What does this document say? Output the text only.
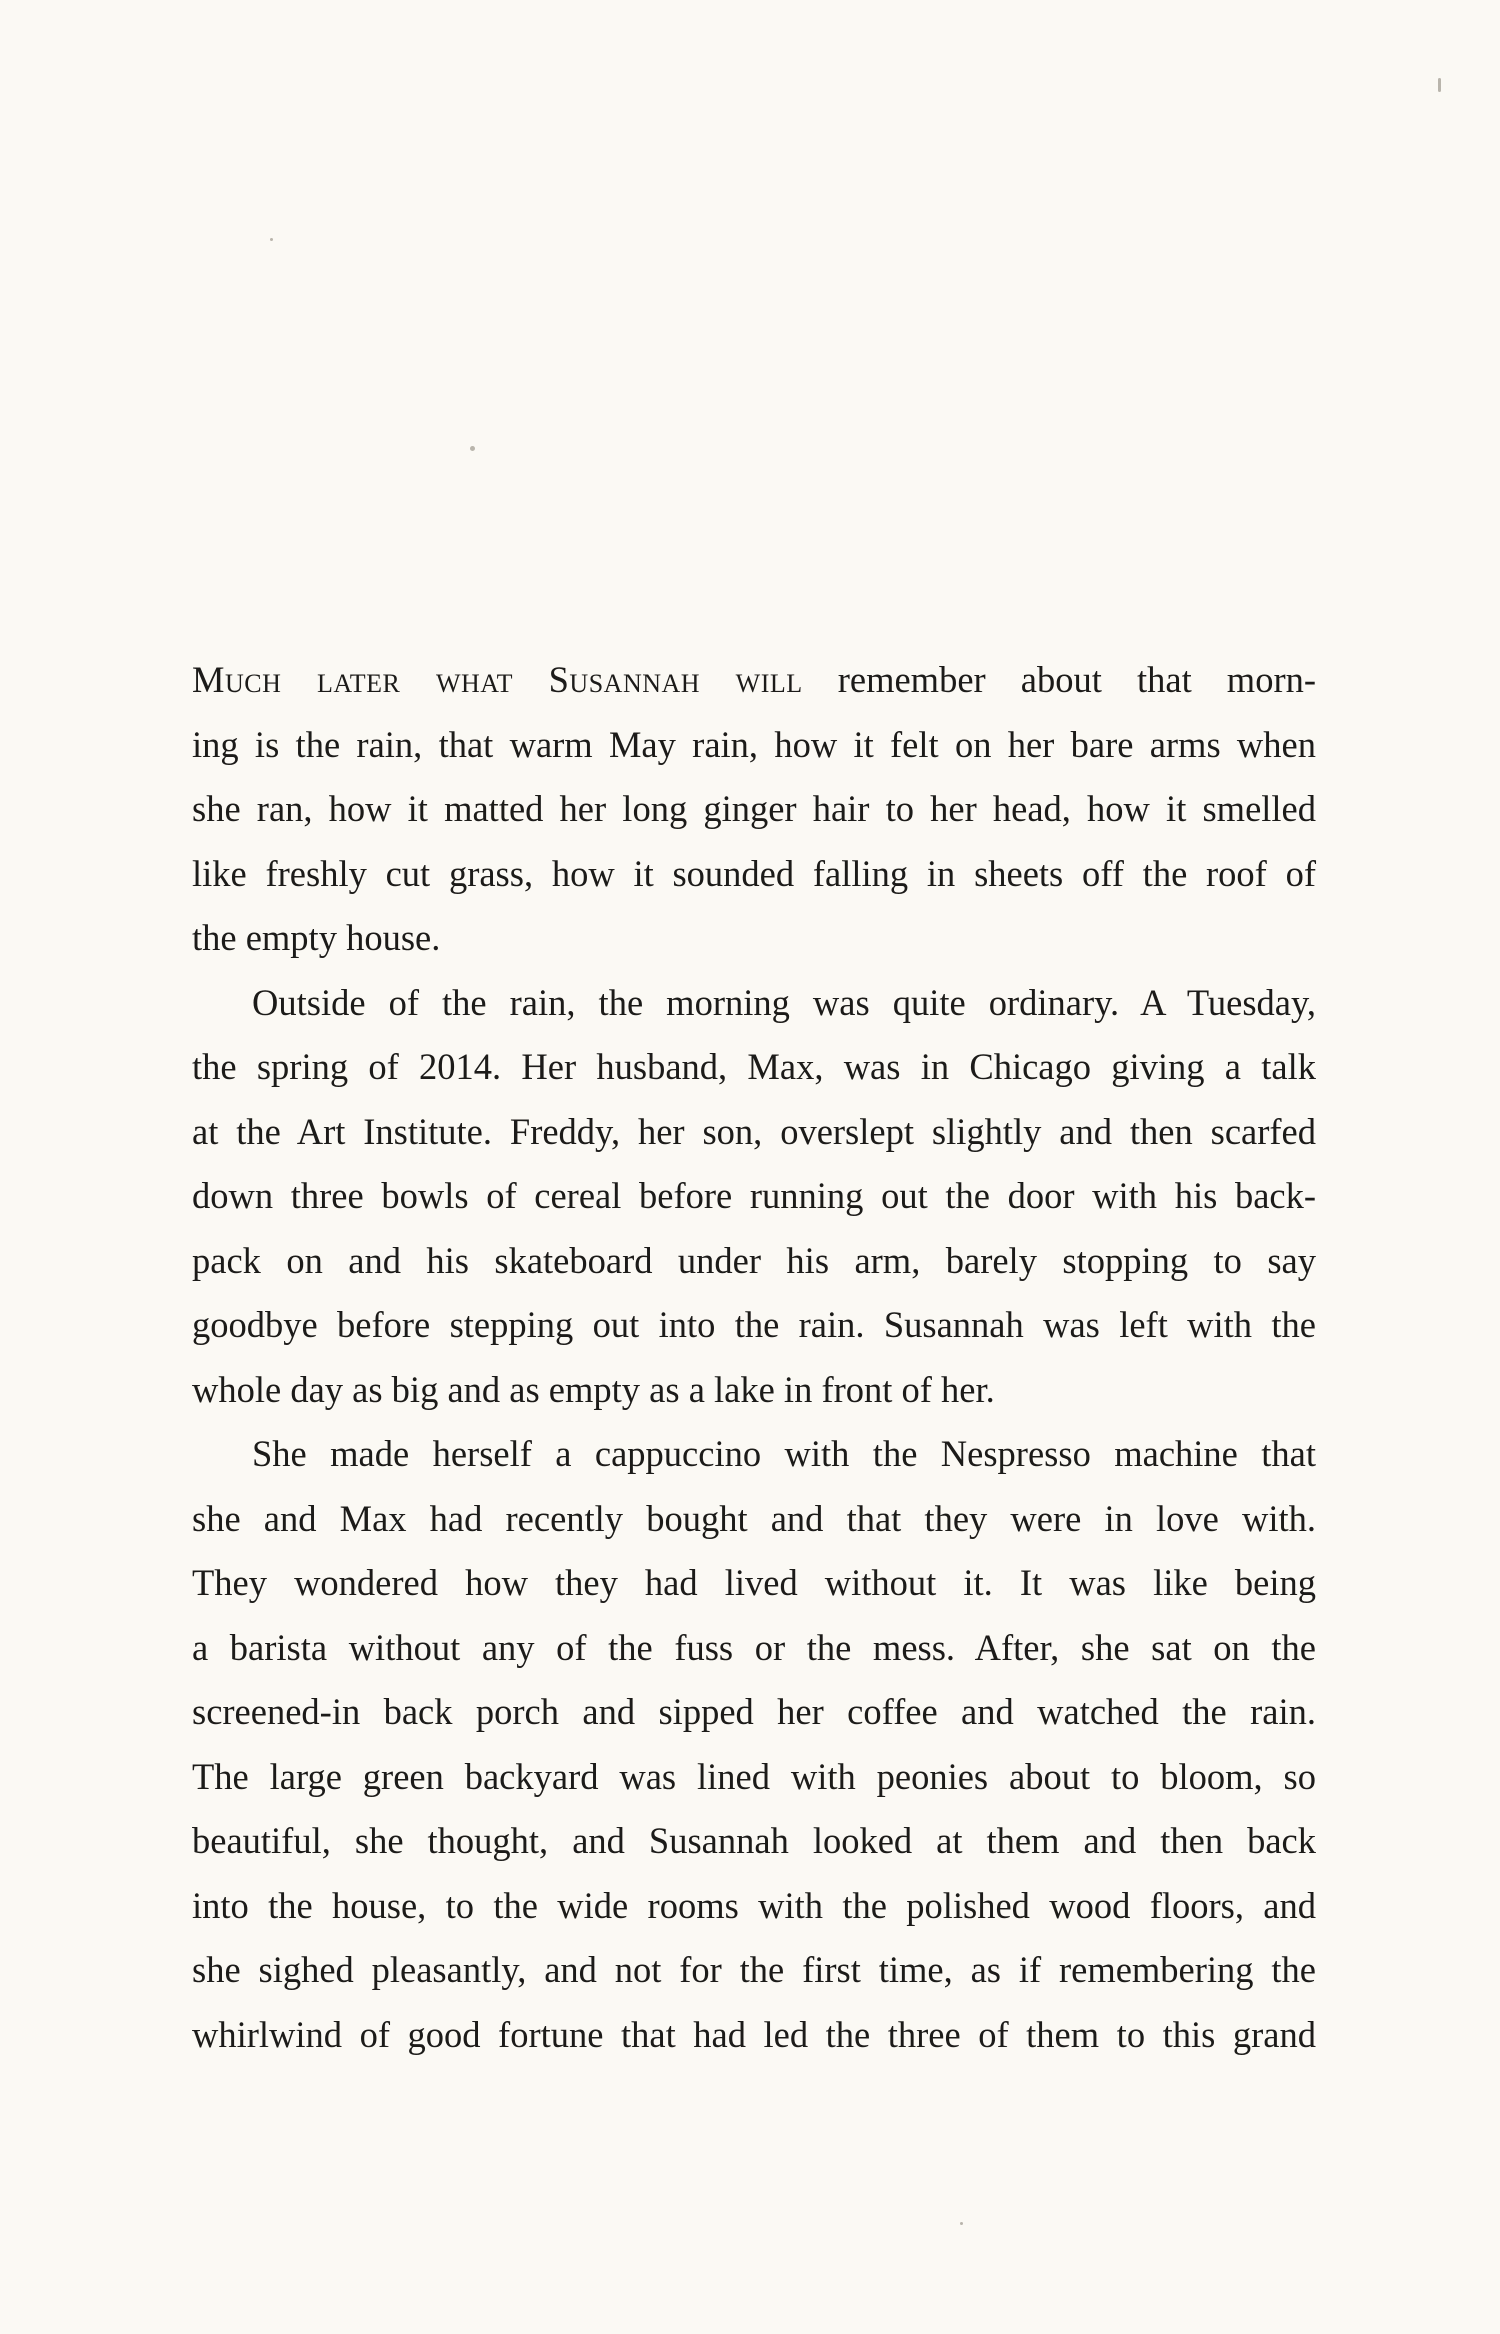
Much later what Susannah will remember about that morn-
ing is the rain, that warm May rain, how it felt on her bare arms when
she ran, how it matted her long ginger hair to her head, how it smelled
like freshly cut grass, how it sounded falling in sheets off the roof of
the empty house.
Outside of the rain, the morning was quite ordinary. A Tuesday,
the spring of 2014. Her husband, Max, was in Chicago giving a talk
at the Art Institute. Freddy, her son, overslept slightly and then scarfed
down three bowls of cereal before running out the door with his back-
pack on and his skateboard under his arm, barely stopping to say
goodbye before stepping out into the rain. Susannah was left with the
whole day as big and as empty as a lake in front of her.
She made herself a cappuccino with the Nespresso machine that
she and Max had recently bought and that they were in love with.
They wondered how they had lived without it. It was like being
a barista without any of the fuss or the mess. After, she sat on the
screened-in back porch and sipped her coffee and watched the rain.
The large green backyard was lined with peonies about to bloom, so
beautiful, she thought, and Susannah looked at them and then back
into the house, to the wide rooms with the polished wood floors, and
she sighed pleasantly, and not for the first time, as if remembering the
whirlwind of good fortune that had led the three of them to this grand
